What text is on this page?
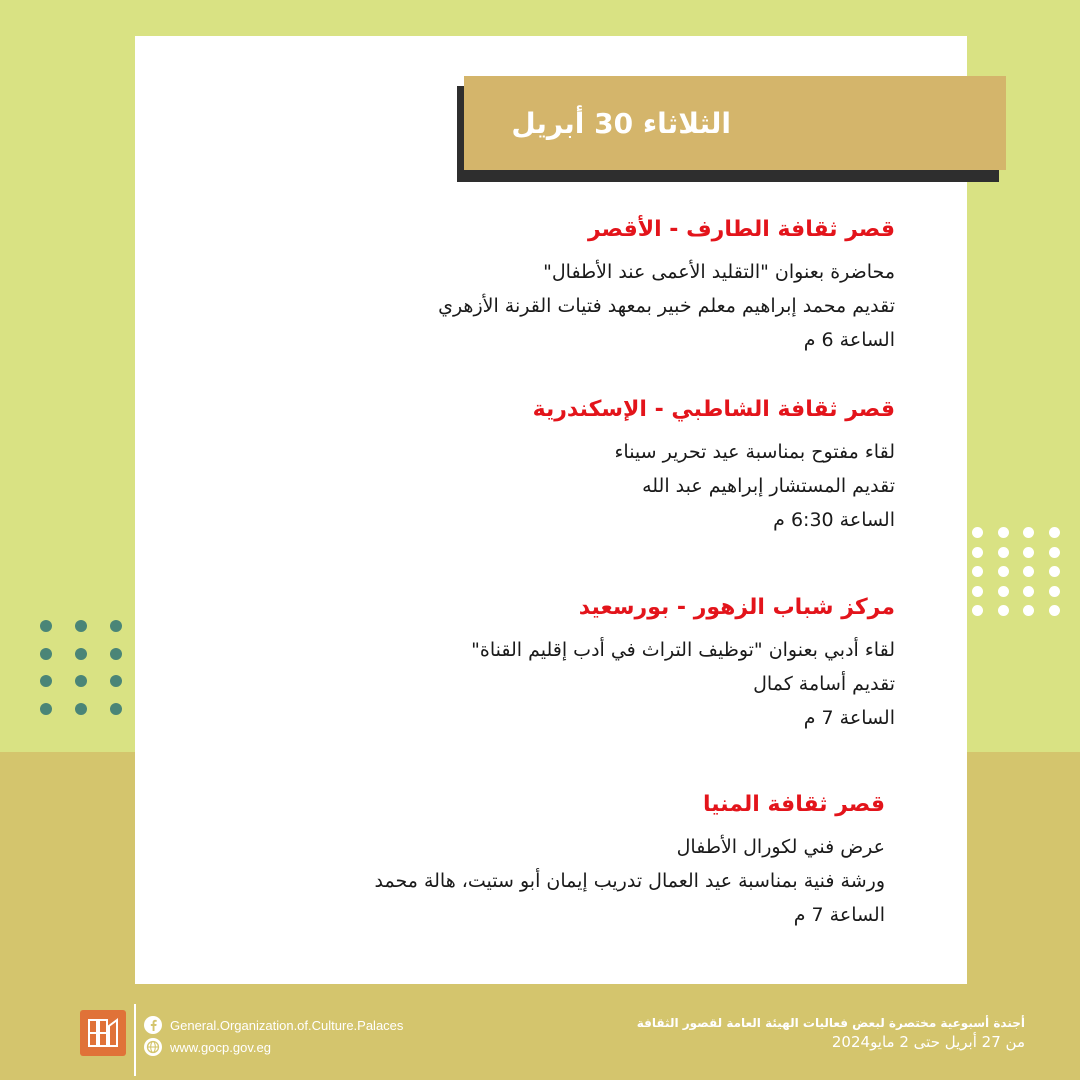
الثلاثاء 30 أبريل
قصر ثقافة الطارف - الأقصر
محاضرة بعنوان "التقليد الأعمى عند الأطفال"
تقديم محمد إبراهيم معلم خبير بمعهد فتيات القرنة الأزهري
الساعة 6 م
قصر ثقافة الشاطبي - الإسكندرية
لقاء مفتوح بمناسبة عيد تحرير سيناء
تقديم المستشار إبراهيم عبد الله
الساعة 6:30 م
مركز شباب الزهور - بورسعيد
لقاء أدبي بعنوان "توظيف التراث في أدب إقليم القناة"
تقديم أسامة كمال
الساعة 7 م
قصر ثقافة المنيا
عرض فني لكورال الأطفال
ورشة فنية بمناسبة عيد العمال تدريب إيمان أبو ستيت، هالة محمد
الساعة 7 م
General.Organization.of.Culture.Palaces
www.gocp.gov.eg
أجندة أسبوعية مختصرة لبعض فعاليات الهيئة العامة لقصور الثقافة
من 27 أبريل حتى 2 مايو2024
